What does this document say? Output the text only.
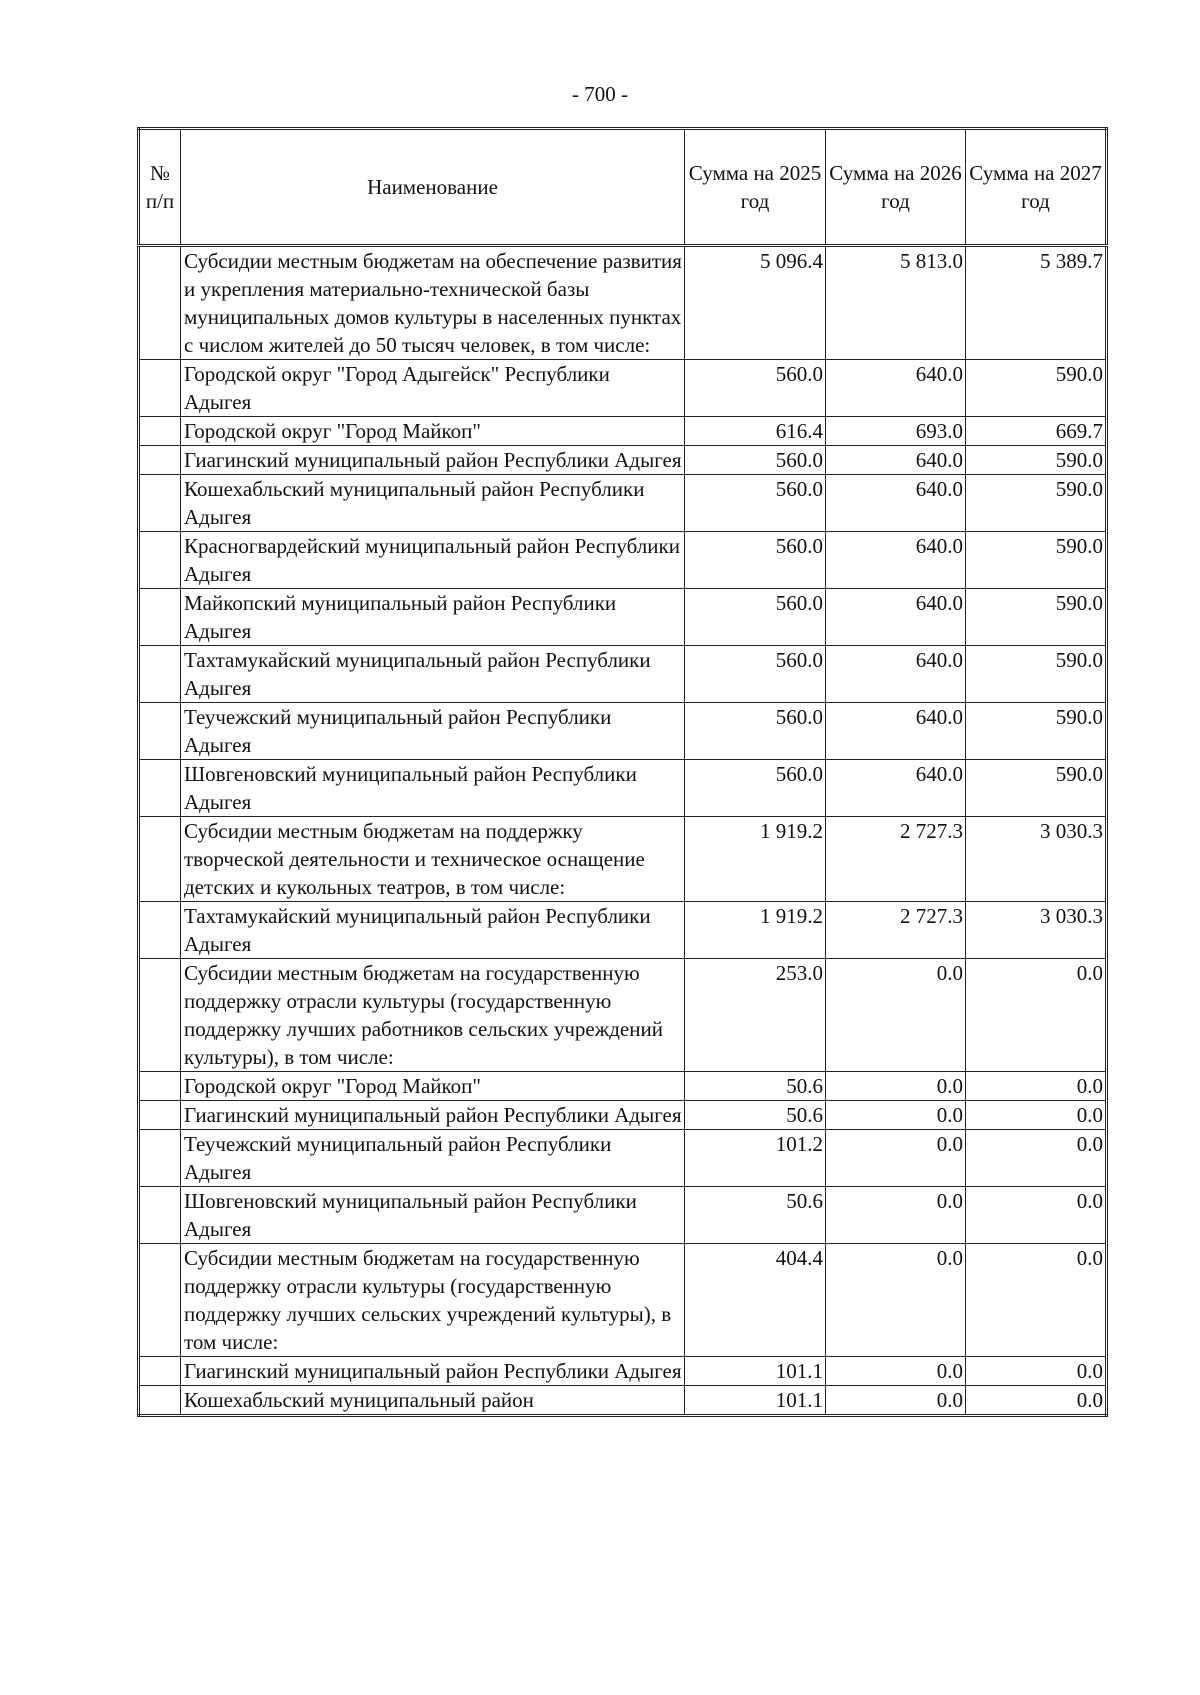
- 700 -
№ п/п	Наименование	Сумма на 2025 год	Сумма на 2026 год	Сумма на 2027 год
	Субсидии местным бюджетам на обеспечение развития и укрепления материально-технической базы муниципальных домов культуры в населенных пунктах с числом жителей до 50 тысяч человек, в том числе:	5 096.4	5 813.0	5 389.7
	Городской округ "Город Адыгейск" Республики Адыгея	560.0	640.0	590.0
	Городской округ "Город Майкоп"	616.4	693.0	669.7
	Гиагинский муниципальный район Республики Адыгея	560.0	640.0	590.0
	Кошехабльский муниципальный район Республики Адыгея	560.0	640.0	590.0
	Красногвардейский муниципальный район Республики Адыгея	560.0	640.0	590.0
	Майкопский муниципальный район Республики Адыгея	560.0	640.0	590.0
	Тахтамукайский муниципальный район Республики Адыгея	560.0	640.0	590.0
	Теучежский муниципальный район Республики Адыгея	560.0	640.0	590.0
	Шовгеновский муниципальный район Республики Адыгея	560.0	640.0	590.0
	Субсидии местным бюджетам на поддержку творческой деятельности и техническое оснащение детских и кукольных театров, в том числе:	1 919.2	2 727.3	3 030.3
	Тахтамукайский муниципальный район Республики Адыгея	1 919.2	2 727.3	3 030.3
	Субсидии местным бюджетам на государственную поддержку отрасли культуры (государственную поддержку лучших работников сельских учреждений культуры), в том числе:	253.0	0.0	0.0
	Городской округ "Город Майкоп"	50.6	0.0	0.0
	Гиагинский муниципальный район Республики Адыгея	50.6	0.0	0.0
	Теучежский муниципальный район Республики Адыгея	101.2	0.0	0.0
	Шовгеновский муниципальный район Республики Адыгея	50.6	0.0	0.0
	Субсидии местным бюджетам на государственную поддержку отрасли культуры (государственную поддержку лучших сельских учреждений культуры), в том числе:	404.4	0.0	0.0
	Гиагинский муниципальный район Республики Адыгея	101.1	0.0	0.0
	Кошехабльский муниципальный район	101.1	0.0	0.0
